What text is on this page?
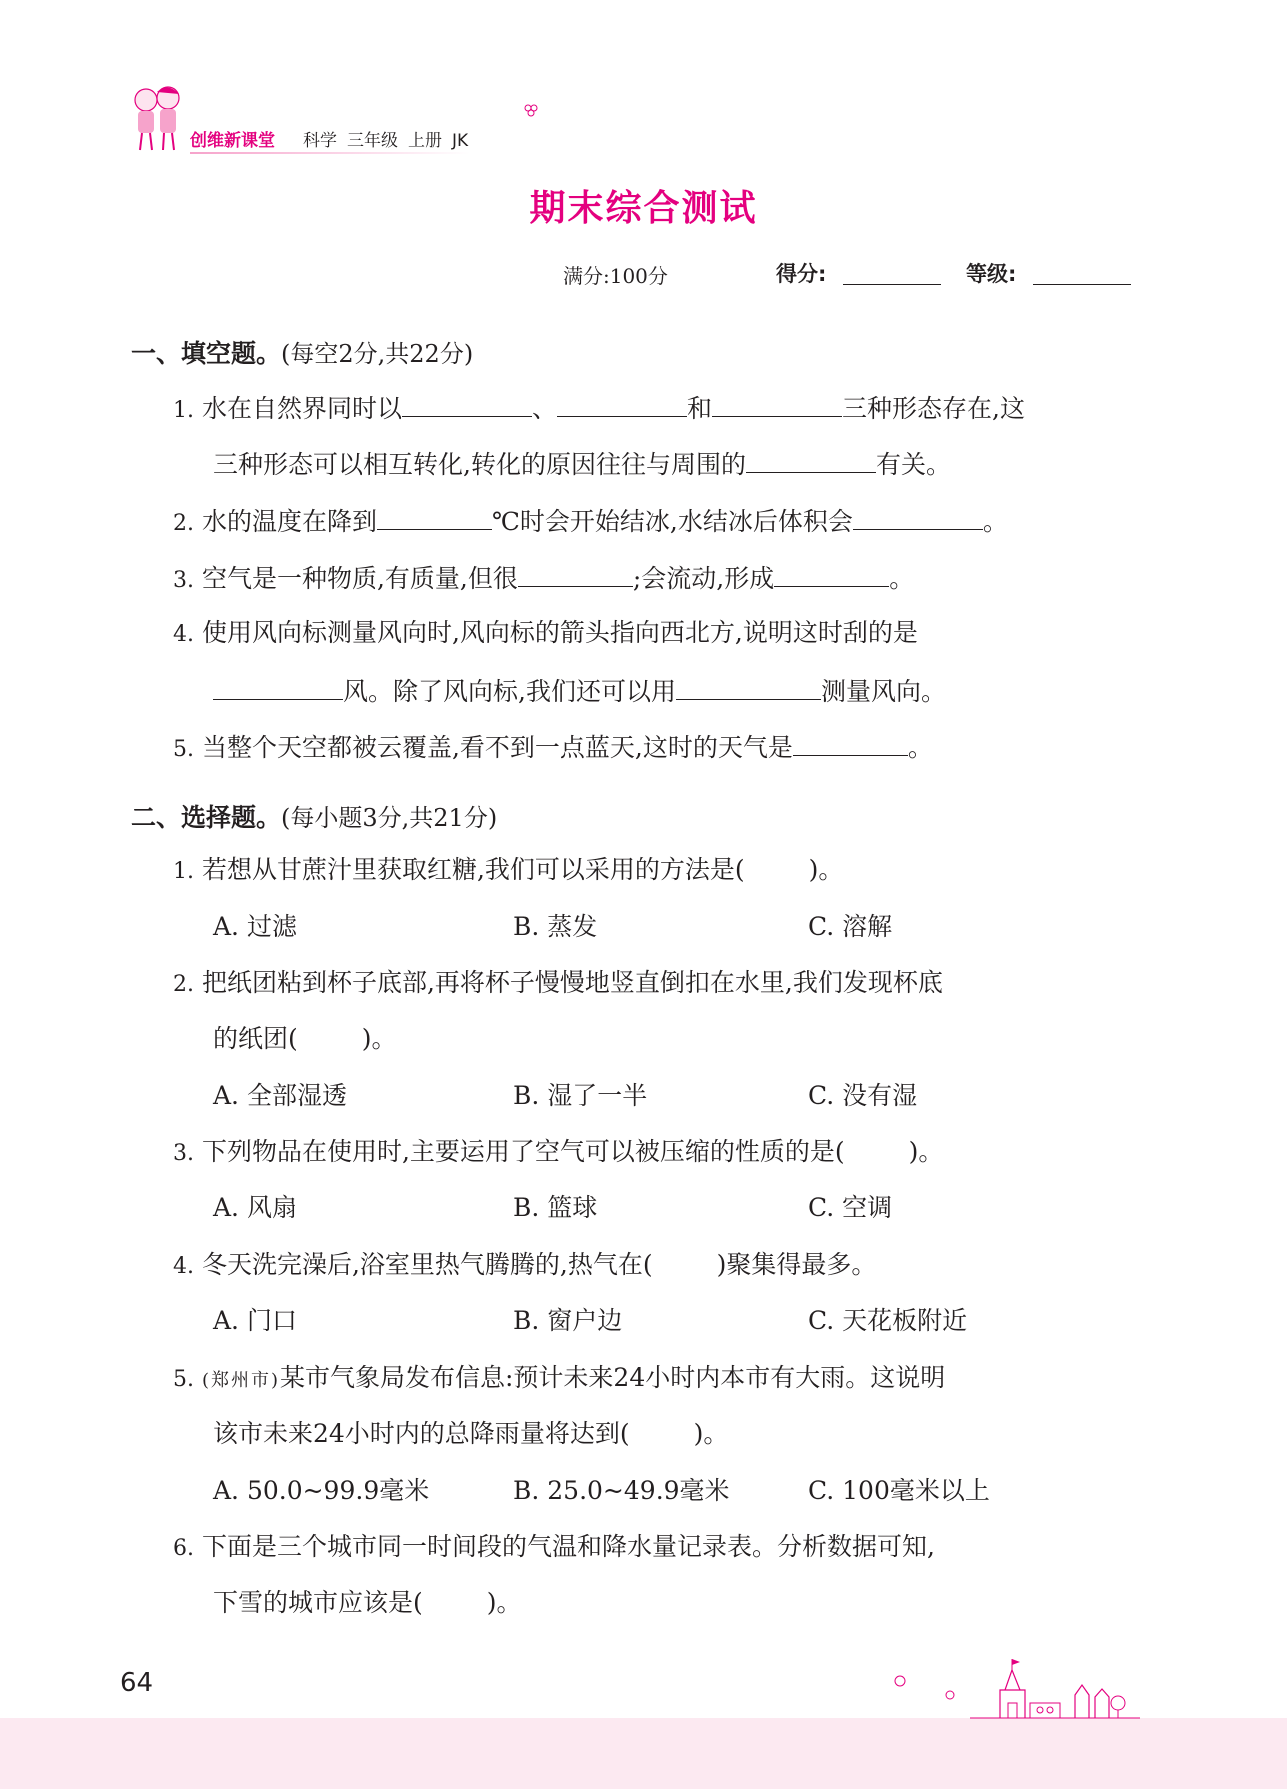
创维新课堂 科学 三年级 上册 JK
期末综合测试
满分:100分	得分:	等级:
一、填空题。(每空2分,共22分)
1. 水在自然界同时以	、	和	三种形态存在,这
三种形态可以相互转化,转化的原因往往与周围的	有关。
2. 水的温度在降到	℃时会开始结冰,水结冰后体积会	。
3. 空气是一种物质,有质量,但很	;会流动,形成	。
4. 使用风向标测量风向时,风向标的箭头指向西北方,说明这时刮的是
风。除了风向标,我们还可以用	测量风向。
5. 当整个天空都被云覆盖,看不到一点蓝天,这时的天气是	。
二、选择题。(每小题3分,共21分)
1. 若想从甘蔗汁里获取红糖,我们可以采用的方法是(	)。
A. 过滤	B. 蒸发	C. 溶解
2. 把纸团粘到杯子底部,再将杯子慢慢地竖直倒扣在水里,我们发现杯底
的纸团(	)。
A. 全部湿透	B. 湿了一半	C. 没有湿
3. 下列物品在使用时,主要运用了空气可以被压缩的性质的是(	)。
A. 风扇	B. 篮球	C. 空调
4. 冬天洗完澡后,浴室里热气腾腾的,热气在(	)聚集得最多。
A. 门口	B. 窗户边	C. 天花板附近
5. (郑州市)某市气象局发布信息:预计未来24小时内本市有大雨。这说明
该市未来24小时内的总降雨量将达到(	)。
A. 50.0~99.9毫米	B. 25.0~49.9毫米	C. 100毫米以上
6. 下面是三个城市同一时间段的气温和降水量记录表。分析数据可知,
下雪的城市应该是(	)。
64
